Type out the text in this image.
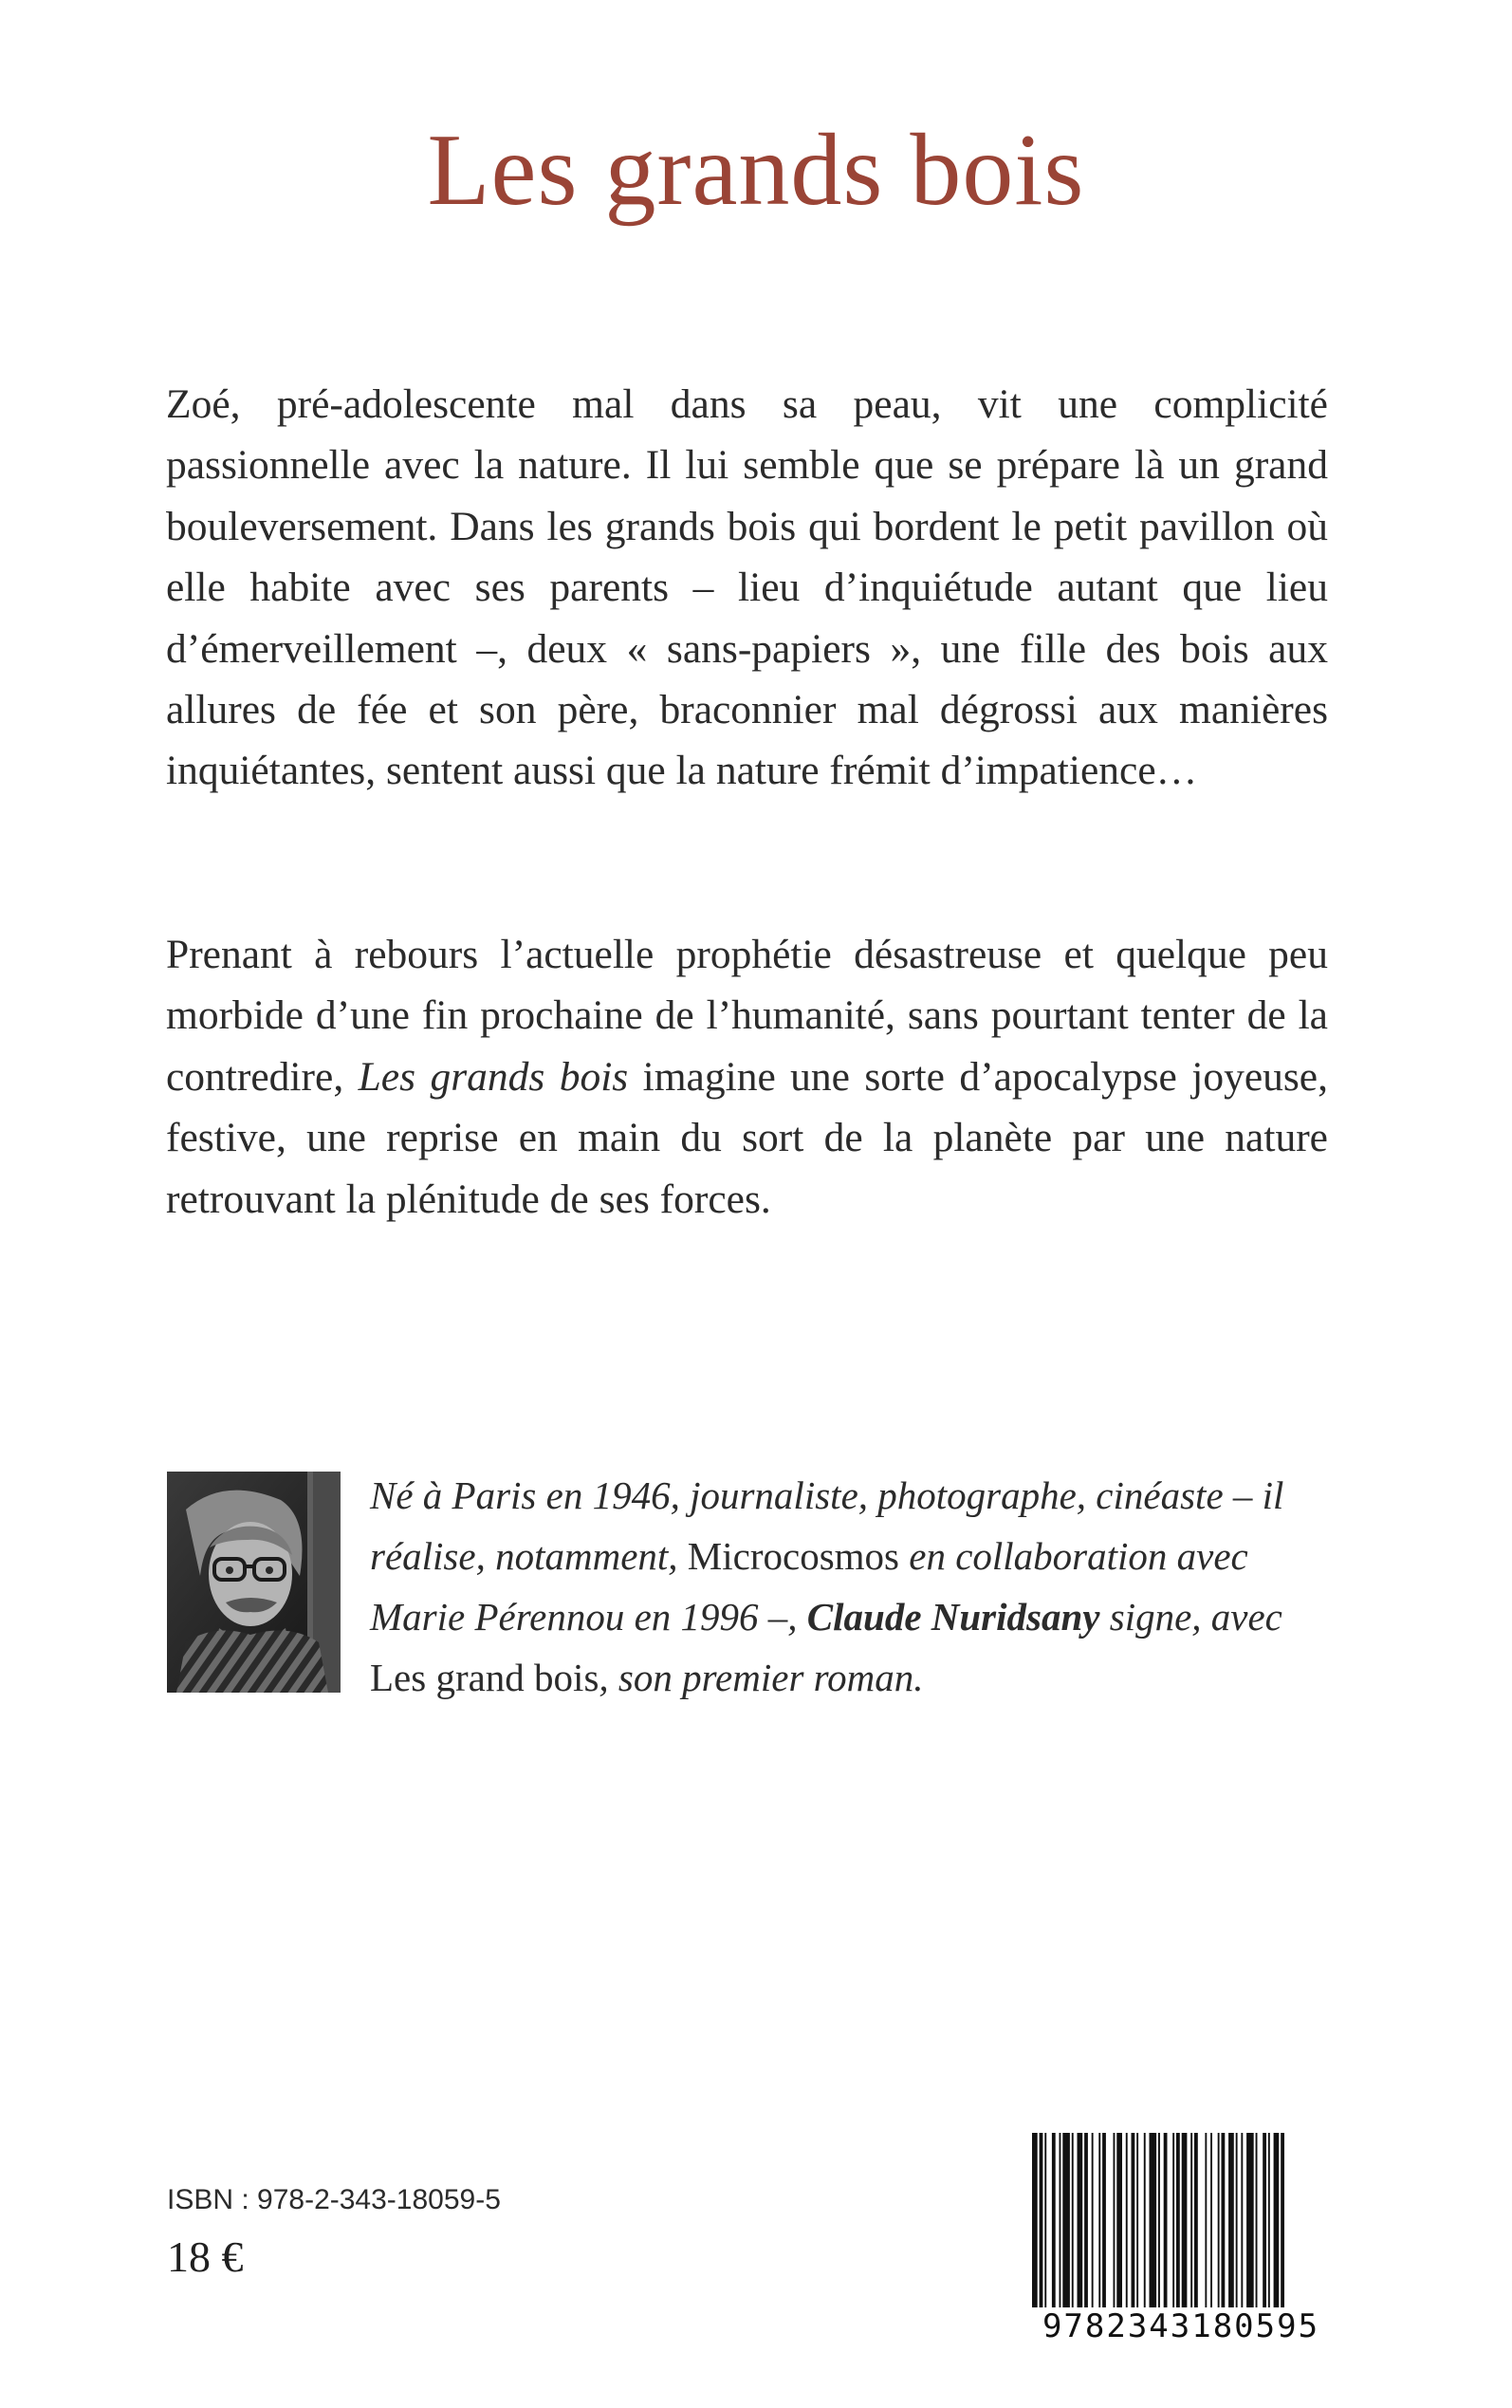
Les grands bois

Zoé, pré-adolescente mal dans sa peau, vit une complicité passionnelle avec la nature. Il lui semble que se prépare là un grand bouleversement. Dans les grands bois qui bordent le petit pavillon où elle habite avec ses parents – lieu d’inquiétude autant que lieu d’émerveillement –, deux « sans-papiers », une fille des bois aux allures de fée et son père, braconnier mal dégrossi aux manières inquiétantes, sentent aussi que la nature frémit d’impatience…

Prenant à rebours l’actuelle prophétie désastreuse et quelque peu morbide d’une fin prochaine de l’humanité, sans pourtant tenter de la contredire, Les grands bois imagine une sorte d’apocalypse joyeuse, festive, une reprise en main du sort de la planète par une nature retrouvant la plénitude de ses forces.

Né à Paris en 1946, journaliste, photographe, cinéaste – il réalise, notamment, Microcosmos en collaboration avec Marie Pérennou en 1996 –, Claude Nuridsany signe, avec Les grand bois, son premier roman.

ISBN : 978-2-343-18059-5

18 €

9782343180595
